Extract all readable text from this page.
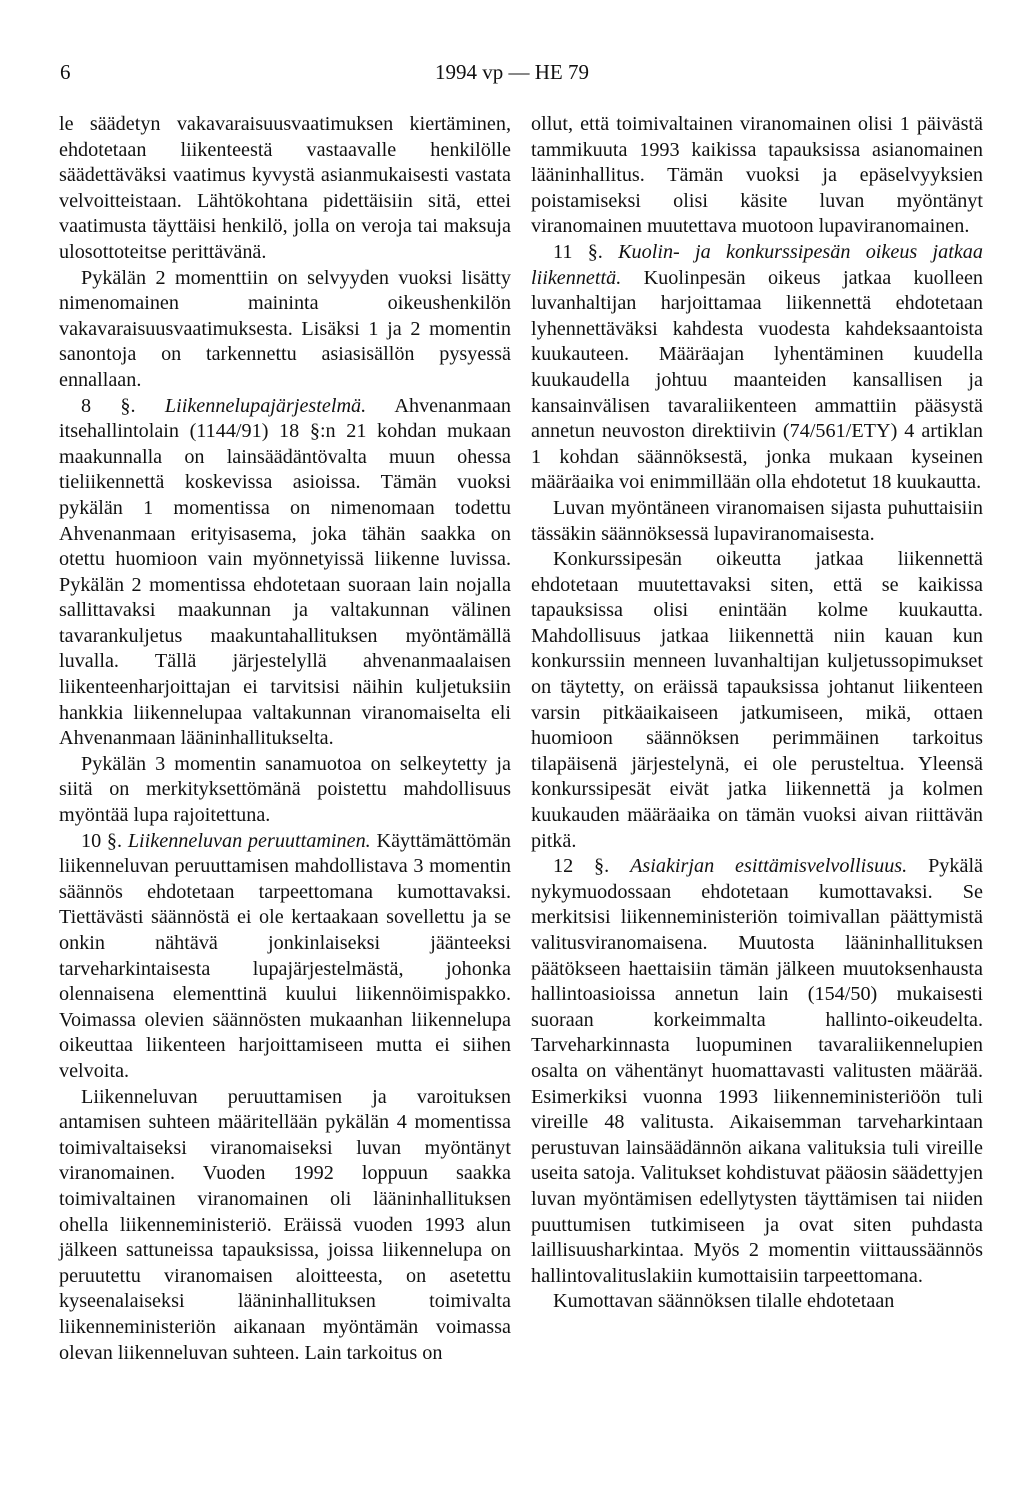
6	1994 vp — HE 79

le säädetyn vakavaraisuusvaatimuksen kiertäminen, ehdotetaan liikenteestä vastaavalle henkilölle säädettäväksi vaatimus kyvystä asianmukaisesti vastata velvoitteistaan. Lähtökohtana pidettäisiin sitä, ettei vaatimusta täyttäisi henkilö, jolla on veroja tai maksuja ulosottoteitse perittävänä.

Pykälän 2 momenttiin on selvyyden vuoksi lisätty nimenomainen maininta oikeushenkilön vakavaraisuusvaatimuksesta. Lisäksi 1 ja 2 momentin sanontoja on tarkennettu asiasisällön pysyessä ennallaan.

8 §. Liikennelupajärjestelmä. Ahvenanmaan itsehallintolain (1144/91) 18 §:n 21 kohdan mukaan maakunnalla on lainsäädäntövalta muun ohessa tieliikennettä koskevissa asioissa. Tämän vuoksi pykälän 1 momentissa on nimenomaan todettu Ahvenanmaan erityisasema, joka tähän saakka on otettu huomioon vain myönnetyissä liikenne luvissa. Pykälän 2 momentissa ehdotetaan suoraan lain nojalla sallittavaksi maakunnan ja valtakunnan välinen tavarankuljetus maakuntahallituksen myöntämällä luvalla. Tällä järjestelyllä ahvenanmaalaisen liikenteenharjoittajan ei tarvitsisi näihin kuljetuksiin hankkia liikennelupaa valtakunnan viranomaiselta eli Ahvenanmaan lääninhallitukselta.

Pykälän 3 momentin sanamuotoa on selkeytetty ja siitä on merkityksettömänä poistettu mahdollisuus myöntää lupa rajoitettuna.

10 §. Liikenneluvan peruuttaminen. Käyttämättömän liikenneluvan peruuttamisen mahdollistava 3 momentin säännös ehdotetaan tarpeettomana kumottavaksi. Tiettävästi säännöstä ei ole kertaakaan sovellettu ja se onkin nähtävä jonkinlaiseksi jäänteeksi tarveharkintaisesta lupajärjestelmästä, johonka olennaisena elementtinä kuului liikennöimispakko. Voimassa olevien säännösten mukaanhan liikennelupa oikeuttaa liikenteen harjoittamiseen mutta ei siihen velvoita.

Liikenneluvan peruuttamisen ja varoituksen antamisen suhteen määritellään pykälän 4 momentissa toimivaltaiseksi viranomaiseksi luvan myöntänyt viranomainen. Vuoden 1992 loppuun saakka toimivaltainen viranomainen oli lääninhallituksen ohella liikenneministeriö. Eräissä vuoden 1993 alun jälkeen sattuneissa tapauksissa, joissa liikennelupa on peruutettu viranomaisen aloitteesta, on asetettu kyseenalaiseksi lääninhallituksen toimivalta liikenneministeriön aikanaan myöntämän voimassa olevan liikenneluvan suhteen. Lain tarkoitus on

ollut, että toimivaltainen viranomainen olisi 1 päivästä tammikuuta 1993 kaikissa tapauksissa asianomainen lääninhallitus. Tämän vuoksi ja epäselvyyksien poistamiseksi olisi käsite luvan myöntänyt viranomainen muutettava muotoon lupaviranomainen.

11 §. Kuolin- ja konkurssipesän oikeus jatkaa liikennettä. Kuolinpesän oikeus jatkaa kuolleen luvanhaltijan harjoittamaa liikennettä ehdotetaan lyhennettäväksi kahdesta vuodesta kahdeksaantoista kuukauteen. Määräajan lyhentäminen kuudella kuukaudella johtuu maanteiden kansallisen ja kansainvälisen tavaraliikenteen ammattiin pääsystä annetun neuvoston direktiivin (74/561/ETY) 4 artiklan 1 kohdan säännöksestä, jonka mukaan kyseinen määräaika voi enimmillään olla ehdotetut 18 kuukautta.

Luvan myöntäneen viranomaisen sijasta puhuttaisiin tässäkin säännöksessä lupaviranomaisesta.

Konkurssipesän oikeutta jatkaa liikennettä ehdotetaan muutettavaksi siten, että se kaikissa tapauksissa olisi enintään kolme kuukautta. Mahdollisuus jatkaa liikennettä niin kauan kun konkurssiin menneen luvanhaltijan kuljetussopimukset on täytetty, on eräissä tapauksissa johtanut liikenteen varsin pitkäaikaiseen jatkumiseen, mikä, ottaen huomioon säännöksen perimmäinen tarkoitus tilapäisenä järjestelynä, ei ole perusteltua. Yleensä konkurssipesät eivät jatka liikennettä ja kolmen kuukauden määräaika on tämän vuoksi aivan riittävän pitkä.

12 §. Asiakirjan esittämisvelvollisuus. Pykälä nykymuodossaan ehdotetaan kumottavaksi. Se merkitsisi liikenneministeriön toimivallan päättymistä valitusviranomaisena. Muutosta lääninhallituksen päätökseen haettaisiin tämän jälkeen muutoksenhausta hallintoasioissa annetun lain (154/50) mukaisesti suoraan korkeimmalta hallinto-oikeudelta. Tarveharkinnasta luopuminen tavaraliikennelupien osalta on vähentänyt huomattavasti valitusten määrää. Esimerkiksi vuonna 1993 liikenneministeriöön tuli vireille 48 valitusta. Aikaisemman tarveharkintaan perustuvan lainsäädännön aikana valituksia tuli vireille useita satoja. Valitukset kohdistuvat pääosin säädettyjen luvan myöntämisen edellytysten täyttämisen tai niiden puuttumisen tutkimiseen ja ovat siten puhdasta laillisuusharkintaa. Myös 2 momentin viittaussäännös hallintovalituslakiin kumottaisiin tarpeettomana.

Kumottavan säännöksen tilalle ehdotetaan
